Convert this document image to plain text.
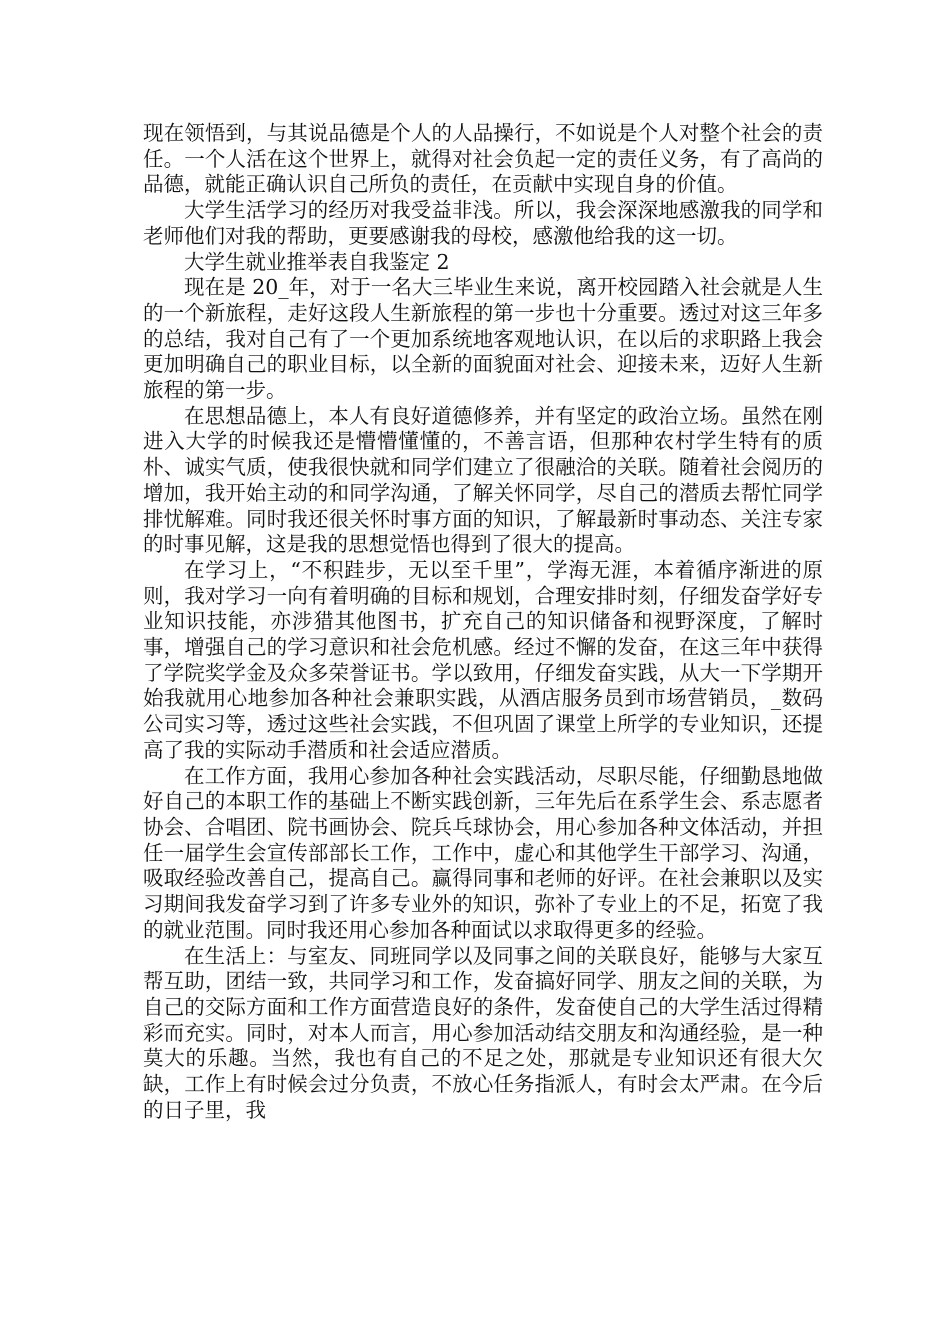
现在领悟到，与其说品德是个人的人品操行，不如说是个人对整个社会的责任。一个人活在这个世界上，就得对社会负起一定的责任义务，有了高尚的品德，就能正确认识自己所负的责任，在贡献中实现自身的价值。

大学生活学习的经历对我受益非浅。所以，我会深深地感激我的同学和老师他们对我的帮助，更要感谢我的母校，感激他给我的这一切。

大学生就业推举表自我鉴定 2

现在是 20_年，对于一名大三毕业生来说，离开校园踏入社会就是人生的一个新旅程，走好这段人生新旅程的第一步也十分重要。透过对这三年多的总结，我对自己有了一个更加系统地客观地认识，在以后的求职路上我会更加明确自己的职业目标，以全新的面貌面对社会、迎接未来，迈好人生新旅程的第一步。

在思想品德上，本人有良好道德修养，并有坚定的政治立场。虽然在刚进入大学的时候我还是懵懵懂懂的，不善言语，但那种农村学生特有的质朴、诚实气质，使我很快就和同学们建立了很融洽的关联。随着社会阅历的增加，我开始主动的和同学沟通，了解关怀同学，尽自己的潜质去帮忙同学排忧解难。同时我还很关怀时事方面的知识，了解最新时事动态、关注专家的时事见解，这是我的思想觉悟也得到了很大的提高。

在学习上，“不积跬步，无以至千里”，学海无涯，本着循序渐进的原则，我对学习一向有着明确的目标和规划，合理安排时刻，仔细发奋学好专业知识技能，亦涉猎其他图书，扩充自己的知识储备和视野深度，了解时事，增强自己的学习意识和社会危机感。经过不懈的发奋，在这三年中获得了学院奖学金及众多荣誉证书。学以致用，仔细发奋实践，从大一下学期开始我就用心地参加各种社会兼职实践，从酒店服务员到市场营销员，_数码公司实习等，透过这些社会实践，不但巩固了课堂上所学的专业知识，还提高了我的实际动手潜质和社会适应潜质。

在工作方面，我用心参加各种社会实践活动，尽职尽能，仔细勤恳地做好自己的本职工作的基础上不断实践创新，三年先后在系学生会、系志愿者协会、合唱团、院书画协会、院兵乓球协会，用心参加各种文体活动，并担任一届学生会宣传部部长工作，工作中，虚心和其他学生干部学习、沟通，吸取经验改善自己，提高自己。赢得同事和老师的好评。在社会兼职以及实习期间我发奋学习到了许多专业外的知识，弥补了专业上的不足，拓宽了我的就业范围。同时我还用心参加各种面试以求取得更多的经验。

在生活上：与室友、同班同学以及同事之间的关联良好，能够与大家互帮互助，团结一致，共同学习和工作，发奋搞好同学、朋友之间的关联，为自己的交际方面和工作方面营造良好的条件，发奋使自己的大学生活过得精彩而充实。同时，对本人而言，用心参加活动结交朋友和沟通经验，是一种莫大的乐趣。当然，我也有自己的不足之处，那就是专业知识还有很大欠缺，工作上有时候会过分负责，不放心任务指派人，有时会太严肃。在今后的日子里，我
